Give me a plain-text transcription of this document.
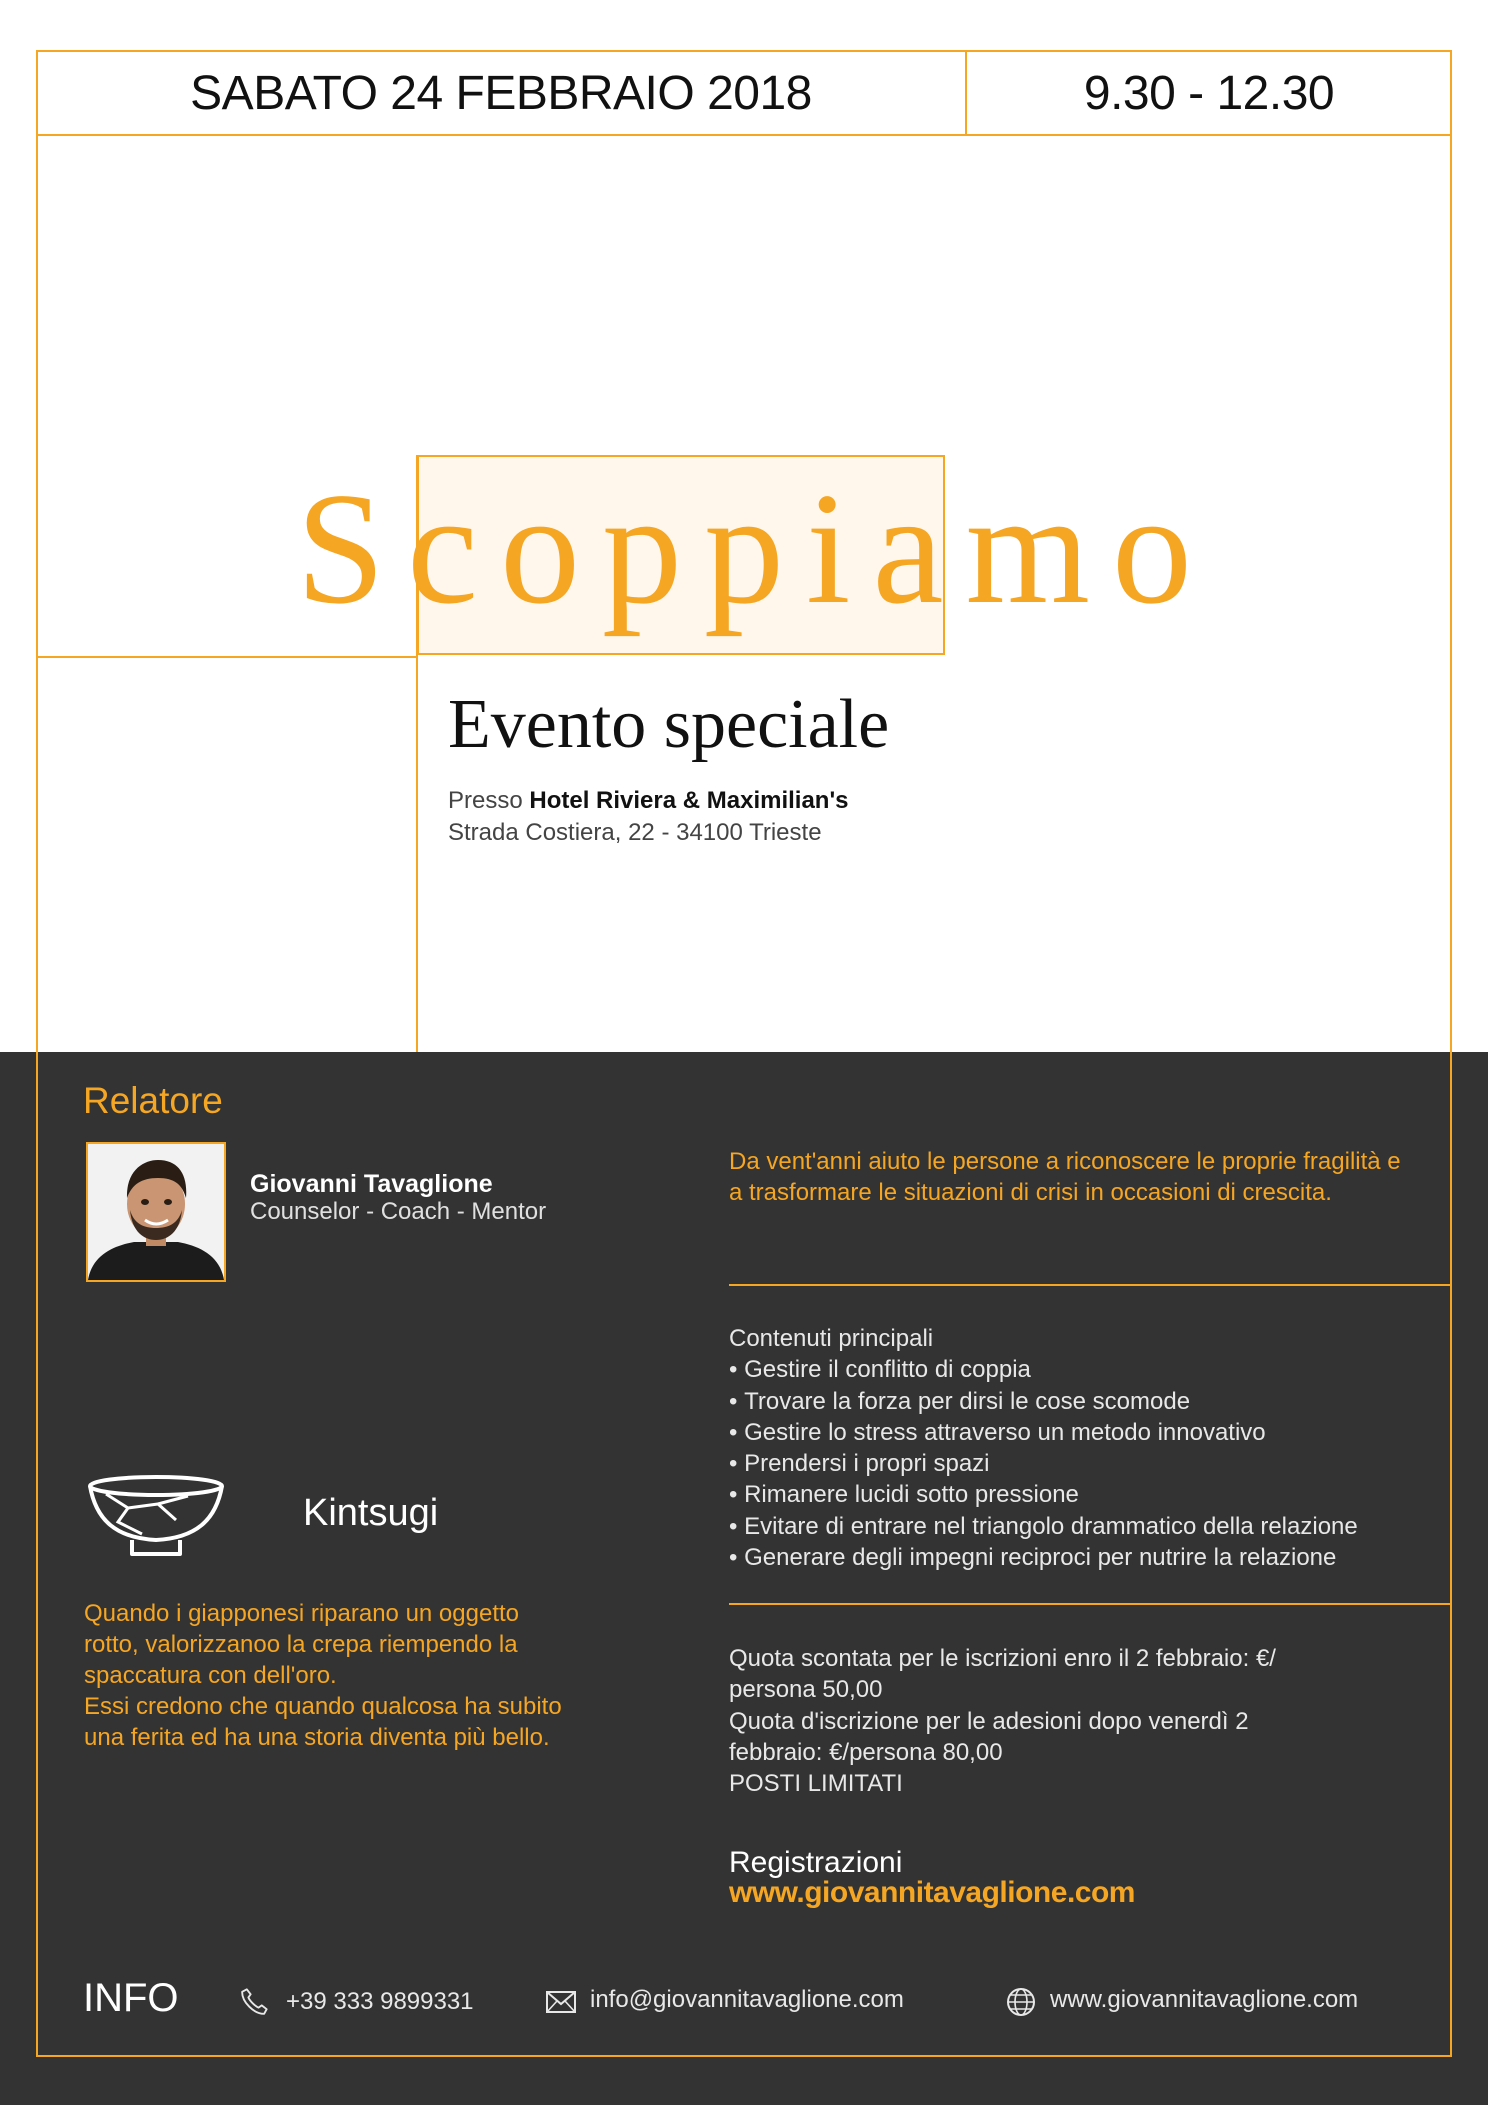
SABATO 24 FEBBRAIO 2018	9.30 - 12.30
Scoppiamo
Evento speciale
Presso Hotel Riviera & Maximilian's
Strada Costiera, 22 - 34100 Trieste
Relatore
Giovanni Tavaglione
Counselor - Coach - Mentor
Da vent'anni aiuto le persone a riconoscere le proprie fragilità e a trasformare le situazioni di crisi in occasioni di crescita.
Kintsugi
Quando i giapponesi riparano un oggetto rotto, valorizzanoo la crepa riempendo la spaccatura con dell'oro.
Essi credono che quando qualcosa ha subito una ferita ed ha una storia diventa più bello.
Contenuti principali
• Gestire il conflitto di coppia
• Trovare la forza per dirsi le cose scomode
• Gestire lo stress attraverso un metodo innovativo
• Prendersi i propri spazi
• Rimanere lucidi sotto pressione
• Evitare di entrare nel triangolo drammatico della relazione
• Generare degli impegni reciproci per nutrire la relazione
Quota scontata per le iscrizioni enro il 2 febbraio: €/
persona 50,00
Quota d'iscrizione per le adesioni dopo venerdì 2
febbraio: €/persona 80,00
POSTI LIMITATI
Registrazioni
www.giovannitavaglione.com
INFO	+39 333 9899331	info@giovannitavaglione.com	www.giovannitavaglione.com
